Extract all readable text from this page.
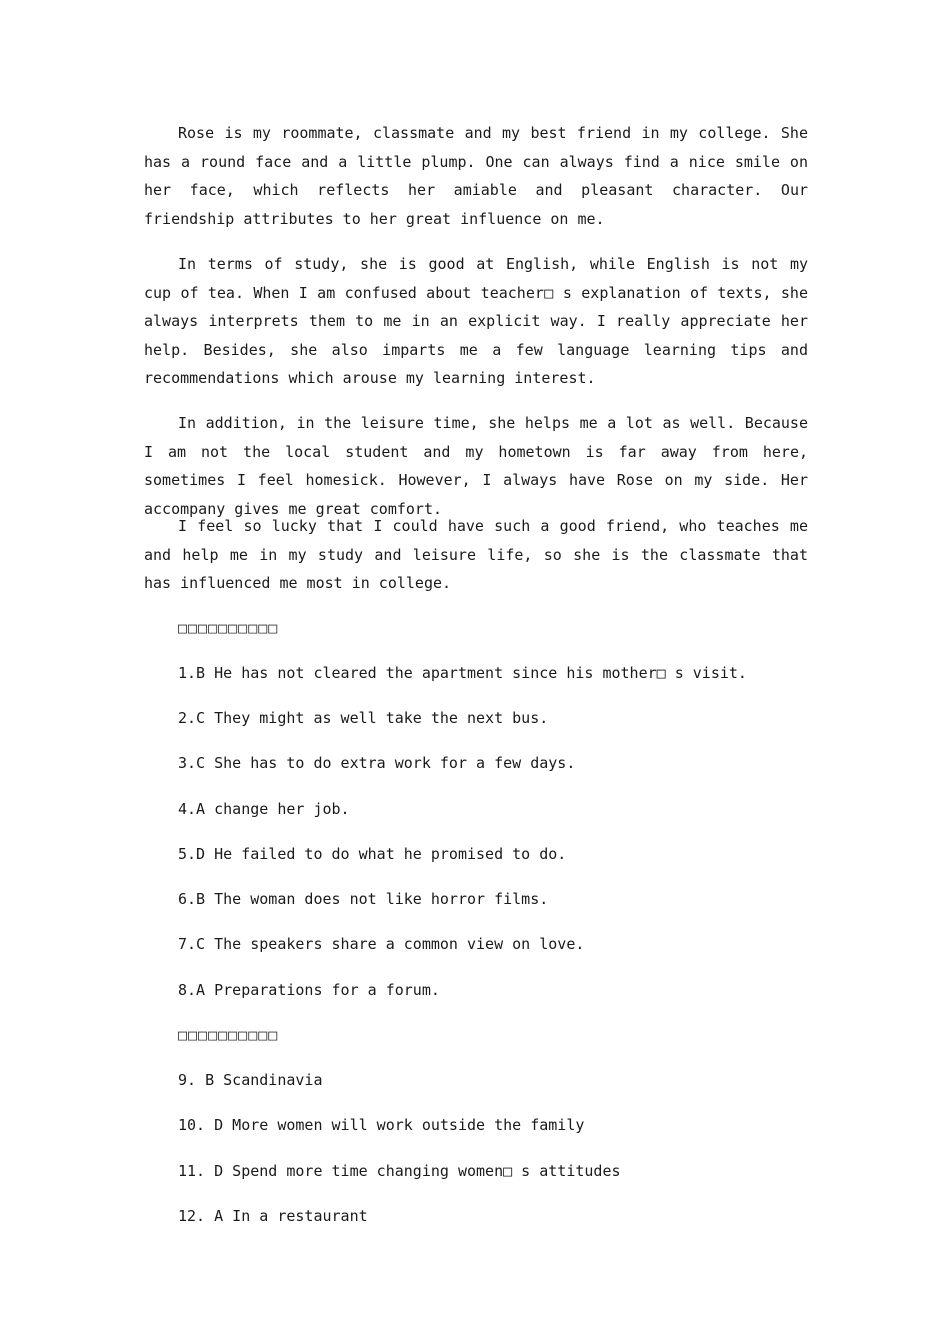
Rose is my roommate, classmate and my best friend in my college. She has a round face and a little plump. One can always find a nice smile on her face, which reflects her amiable and pleasant character. Our friendship attributes to her great influence on me.

In terms of study, she is good at English, while English is not my cup of tea. When I am confused about teacher□ s explanation of texts, she always interprets them to me in an explicit way. I really appreciate her help. Besides, she also imparts me a few language learning tips and recommendations which arouse my learning interest.

In addition, in the leisure time, she helps me a lot as well. Because I am not the local student and my hometown is far away from here, sometimes I feel homesick. However, I always have Rose on my side. Her accompany gives me great comfort.

I feel so lucky that I could have such a good friend, who teaches me and help me in my study and leisure life, so she is the classmate that has influenced me most in college.

□□□□□□□□□□
1.B He has not cleared the apartment since his mother□ s visit.
2.C They might as well take the next bus.
3.C She has to do extra work for a few days.
4.A change her job.
5.D He failed to do what he promised to do.
6.B The woman does not like horror films.
7.C The speakers share a common view on love.
8.A Preparations for a forum.
□□□□□□□□□□
9. B Scandinavia
10. D More women will work outside the family
11. D Spend more time changing women□ s attitudes
12. A In a restaurant
